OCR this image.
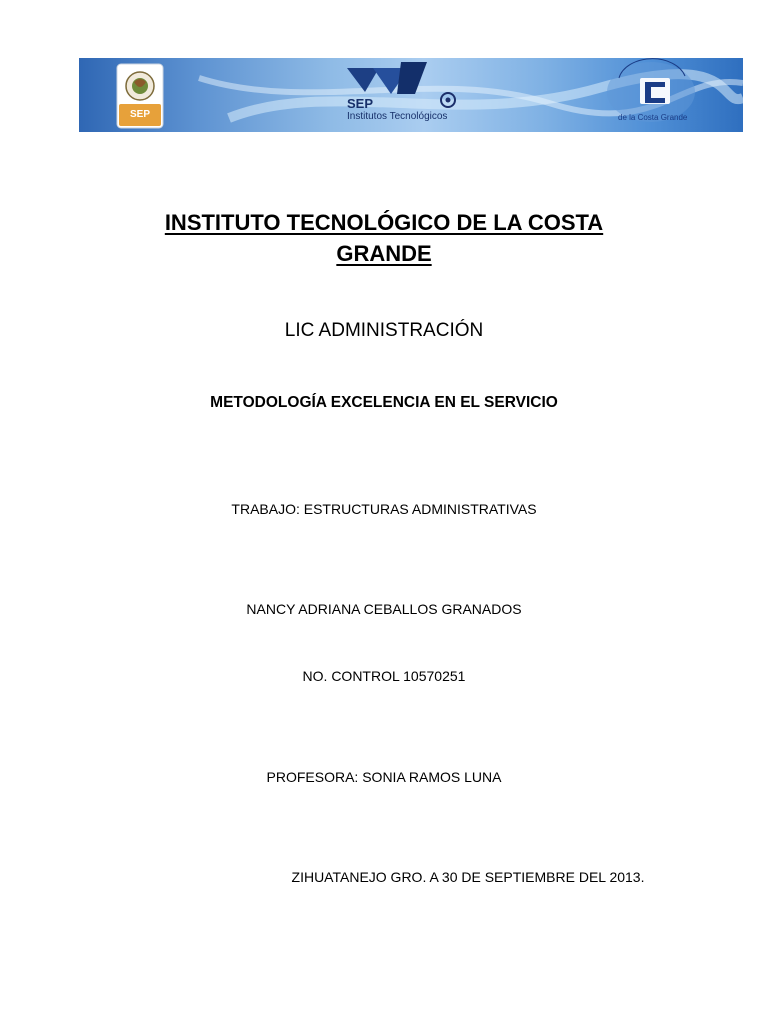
SEP
SEP
Institutos Tecnológicos	de la Costa Grande
INSTITUTO TECNOLÓGICO DE LA COSTA
GRANDE
LIC ADMINISTRACIÓN
METODOLOGÍA EXCELENCIA EN EL SERVICIO
TRABAJO: ESTRUCTURAS ADMINISTRATIVAS
NANCY ADRIANA CEBALLOS GRANADOS
NO. CONTROL 10570251
PROFESORA: SONIA RAMOS LUNA
ZIHUATANEJO GRO. A 30 DE SEPTIEMBRE DEL 2013.
